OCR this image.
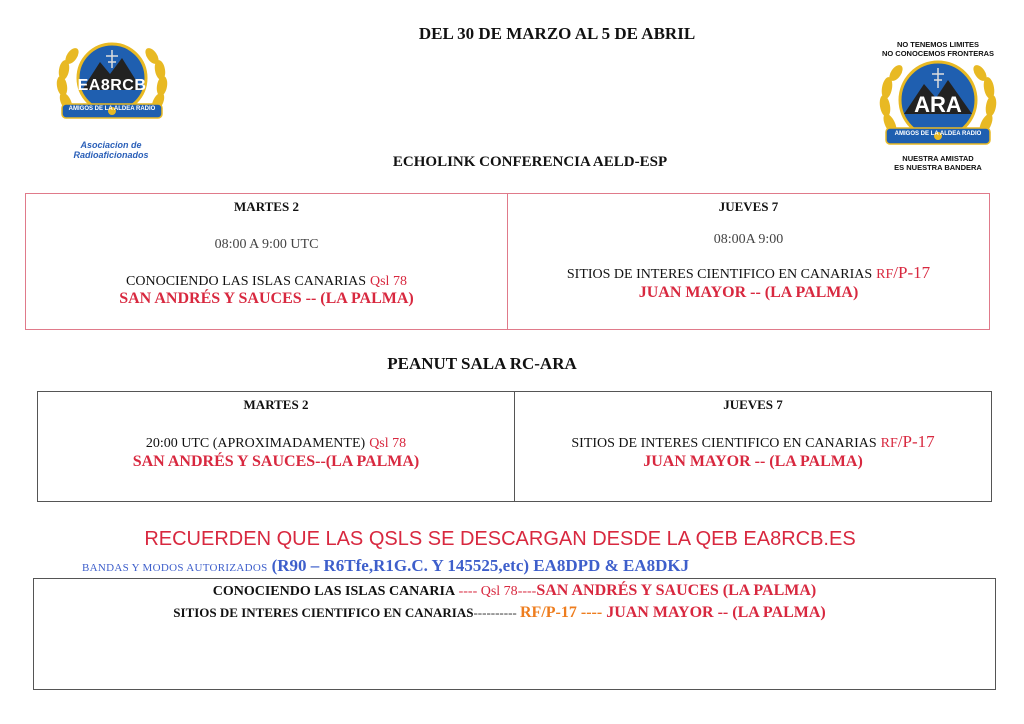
DEL 30 DE MARZO AL 5 DE ABRIL
EA8RCB
AMIGOS DE LA ALDEA RADIO
Asociacion de Radioaficionados
NO TENEMOS LIMITES
NO CONOCEMOS FRONTERAS
ARA
AMIGOS DE LA ALDEA RADIO
NUESTRA AMISTAD
ES NUESTRA BANDERA
ECHOLINK CONFERENCIA AELD-ESP
MARTES 2
08:00 A 9:00 UTC
CONOCIENDO LAS ISLAS CANARIAS Qsl 78
SAN ANDRÉS Y SAUCES -- (LA PALMA)
JUEVES 7
08:00A 9:00
SITIOS DE INTERES CIENTIFICO EN CANARIAS RF/P-17
JUAN MAYOR -- (LA PALMA)
PEANUT SALA RC-ARA
MARTES 2
20:00 UTC (APROXIMADAMENTE) Qsl 78
SAN ANDRÉS Y SAUCES--(LA PALMA)
JUEVES 7
SITIOS DE INTERES CIENTIFICO EN CANARIAS RF/P-17
JUAN MAYOR -- (LA PALMA)
RECUERDEN QUE LAS QSLS SE DESCARGAN DESDE LA QEB EA8RCB.ES
BANDAS Y MODOS AUTORIZADOS (R90 – R6Tfe,R1G.C. Y 145525,etc) EA8DPD & EA8DKJ
CONOCIENDO LAS ISLAS CANARIA ---- Qsl 78----SAN ANDRÉS Y SAUCES (LA PALMA)
SITIOS DE INTERES CIENTIFICO EN CANARIAS---------- RF/P-17 ---- JUAN MAYOR -- (LA PALMA)
